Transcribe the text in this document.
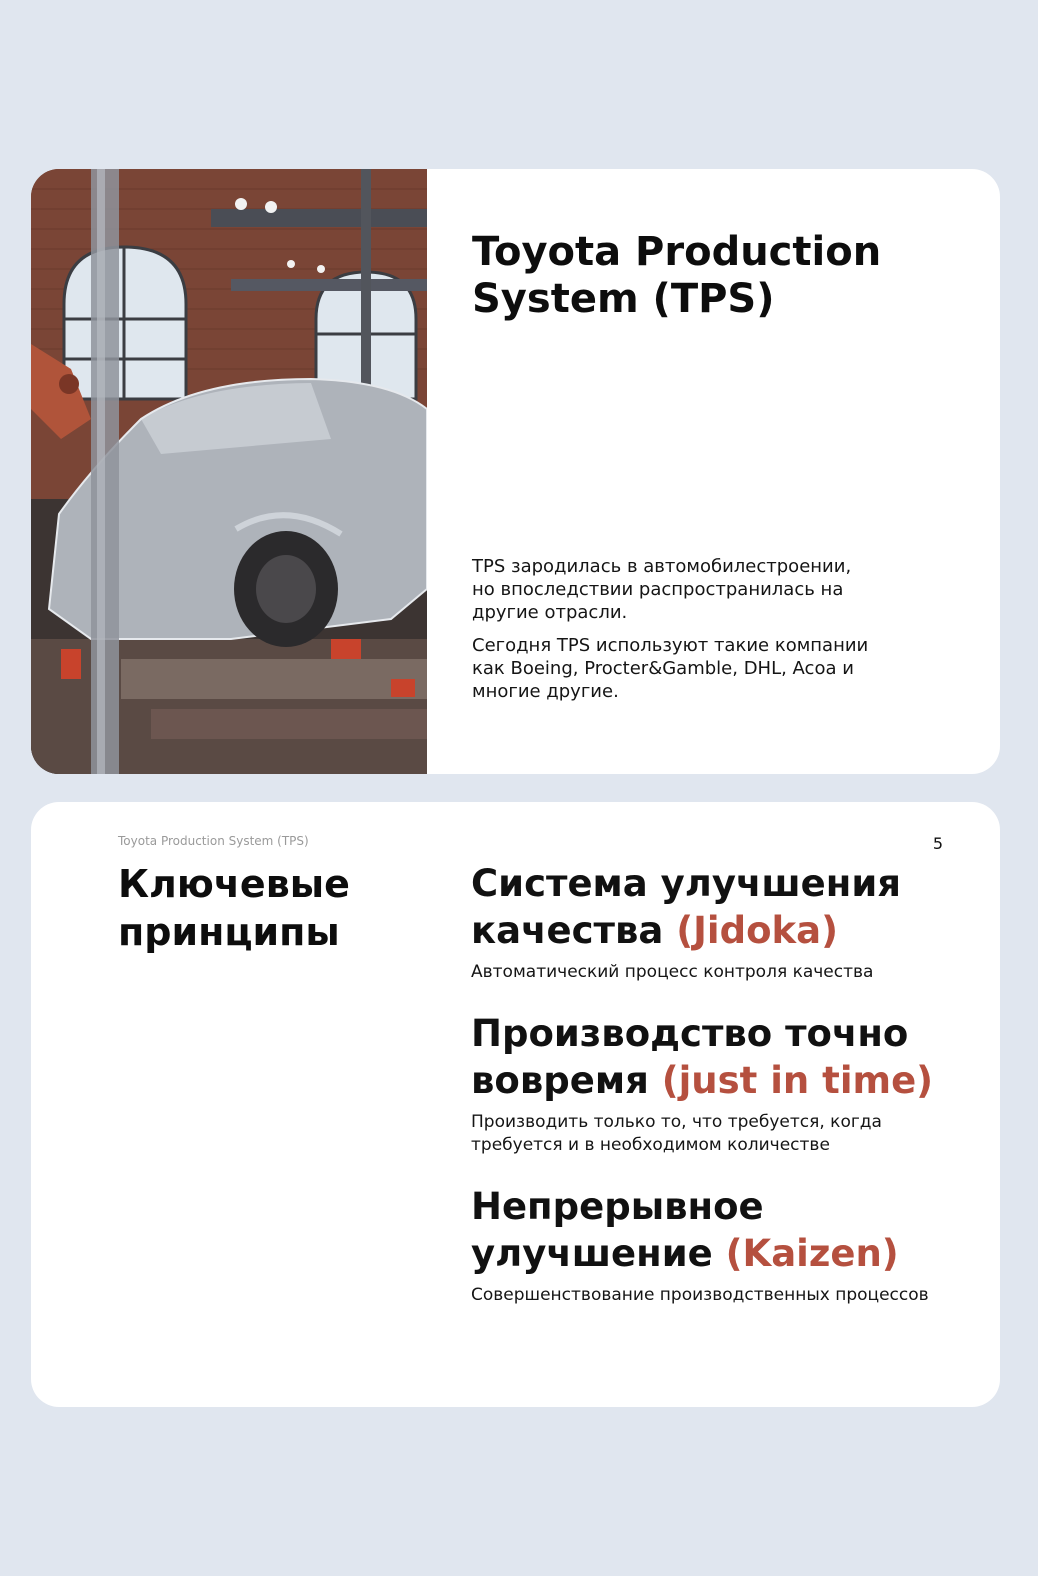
Toyota Production System (TPS)

TPS зародилась в автомобилестроении, но впоследствии распространилась на другие отрасли.

Сегодня TPS используют такие компании как Boeing, Procter&Gamble, DHL, Acoa и многие другие.

Toyota Production System (TPS)	5
Ключевые принципы
Система улучшения качества (Jidoka)
Автоматический процесс контроля качества
Производство точно вовремя (just in time)
Производить только то, что требуется, когда требуется и в необходимом количестве
Непрерывное улучшение (Kaizen)
Совершенствование производственных процессов
